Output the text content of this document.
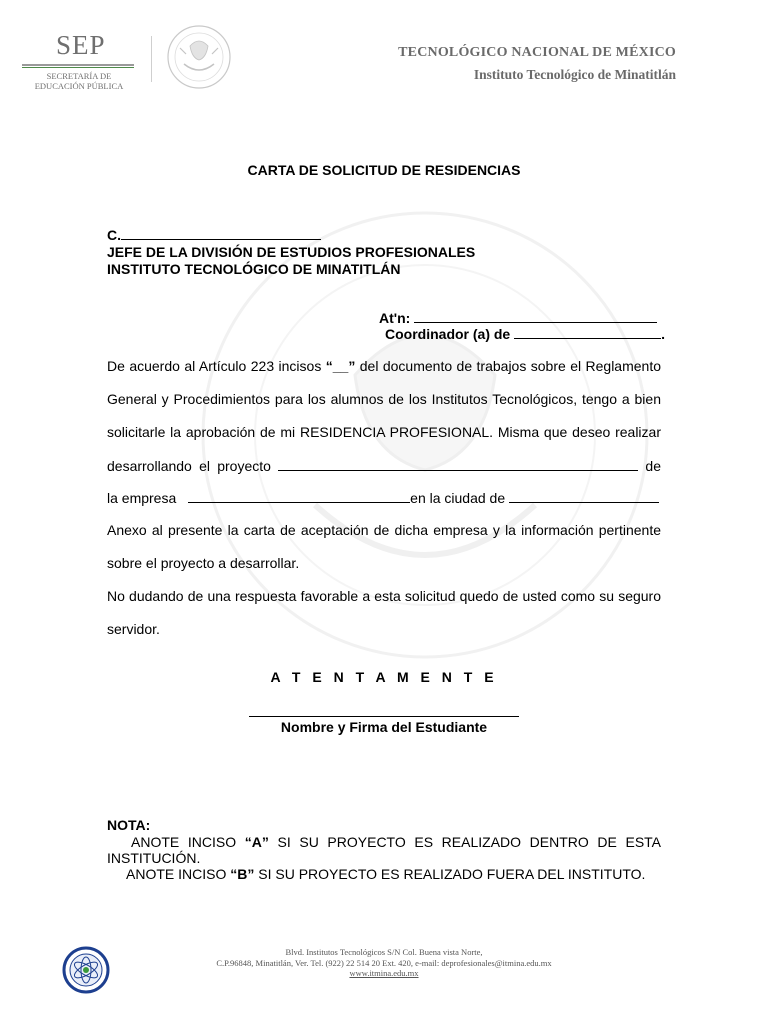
SEP
SECRETARÍA DE
EDUCACIÓN PÚBLICA
TECNOLÓGICO NACIONAL DE MÉXICO
Instituto Tecnológico de Minatitlán
CARTA DE SOLICITUD DE RESIDENCIAS
C.
JEFE DE LA DIVISIÓN DE ESTUDIOS PROFESIONALES
INSTITUTO TECNOLÓGICO DE MINATITLÁN
At'n:
Coordinador (a) de	.
De acuerdo al Artículo 223 incisos “__” del documento de trabajos sobre el Reglamento
General y Procedimientos para los alumnos de los Institutos Tecnológicos, tengo a bien
solicitarle la aprobación de mi RESIDENCIA PROFESIONAL. Misma que deseo realizar
desarrollando el proyecto	de
la empresa	en la ciudad de
Anexo al presente la carta de aceptación de dicha empresa y la información pertinente
sobre el proyecto a desarrollar.
No dudando de una respuesta favorable a esta solicitud quedo de usted como su seguro
servidor.
A T E N T A M E N T E
Nombre y Firma del Estudiante
NOTA:
ANOTE INCISO “A” SI SU PROYECTO ES REALIZADO DENTRO DE ESTA
INSTITUCIÓN.
ANOTE INCISO “B” SI SU PROYECTO ES REALIZADO FUERA DEL INSTITUTO.
Blvd. Institutos Tecnológicos S/N Col. Buena vista Norte,
C.P.96848, Minatitlán, Ver. Tel. (922) 22 514 20 Ext. 420, e-mail: deprofesionales@itmina.edu.mx
www.itmina.edu.mx
